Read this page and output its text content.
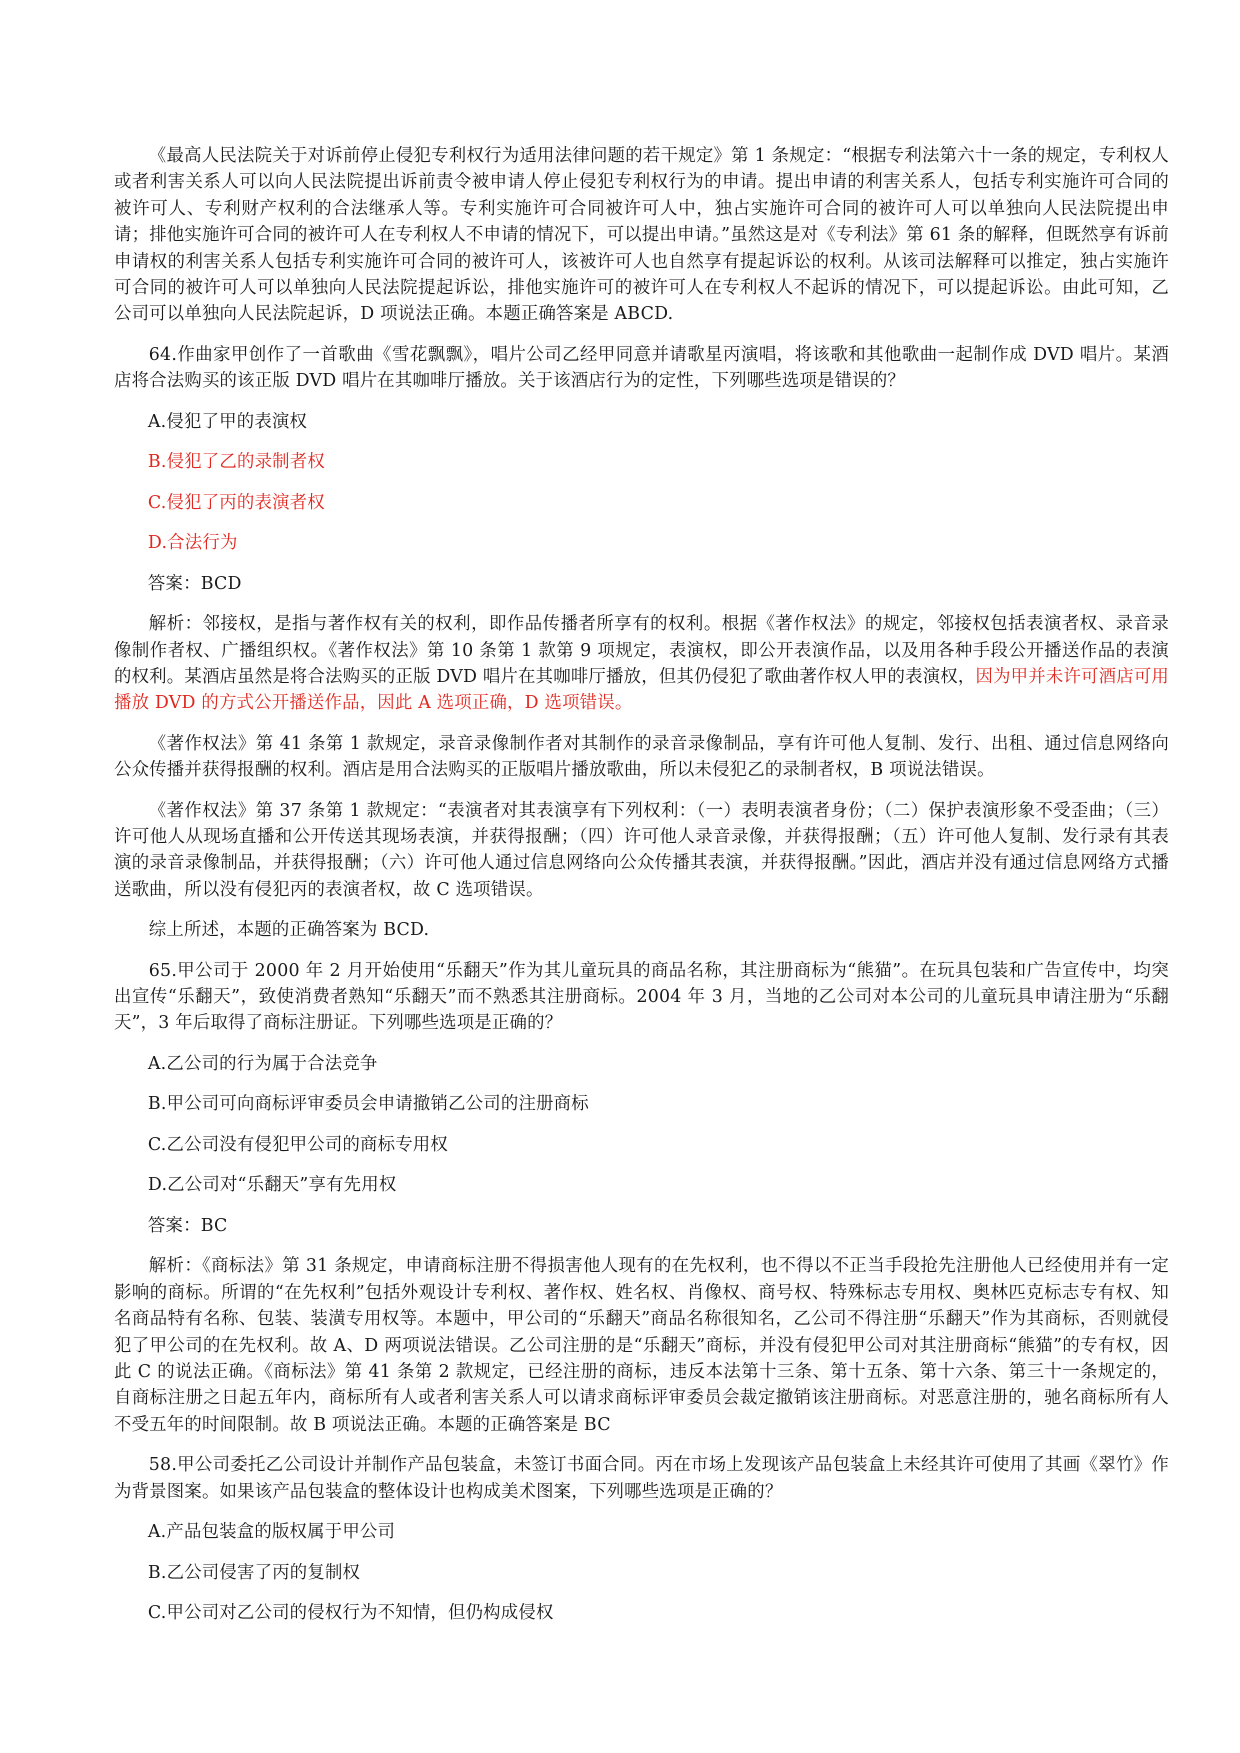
《最高人民法院关于对诉前停止侵犯专利权行为适用法律问题的若干规定》第 1 条规定：“根据专利法第六十一条的规定，专利权人或者利害关系人可以向人民法院提出诉前责令被申请人停止侵犯专利权行为的申请。提出申请的利害关系人，包括专利实施许可合同的被许可人、专利财产权利的合法继承人等。专利实施许可合同被许可人中，独占实施许可合同的被许可人可以单独向人民法院提出申请；排他实施许可合同的被许可人在专利权人不申请的情况下，可以提出申请。”虽然这是对《专利法》第 61 条的解释，但既然享有诉前申请权的利害关系人包括专利实施许可合同的被许可人，该被许可人也自然享有提起诉讼的权利。从该司法解释可以推定，独占实施许可合同的被许可人可以单独向人民法院提起诉讼，排他实施许可的被许可人在专利权人不起诉的情况下，可以提起诉讼。由此可知，乙公司可以单独向人民法院起诉，D 项说法正确。本题正确答案是 ABCD.

64.作曲家甲创作了一首歌曲《雪花飘飘》，唱片公司乙经甲同意并请歌星丙演唱，将该歌和其他歌曲一起制作成 DVD 唱片。某酒店将合法购买的该正版 DVD 唱片在其咖啡厅播放。关于该酒店行为的定性，下列哪些选项是错误的？

A.侵犯了甲的表演权
B.侵犯了乙的录制者权
C.侵犯了丙的表演者权
D.合法行为
答案：BCD

解析：邻接权，是指与著作权有关的权利，即作品传播者所享有的权利。根据《著作权法》的规定，邻接权包括表演者权、录音录像制作者权、广播组织权。《著作权法》第 10 条第 1 款第 9 项规定，表演权，即公开表演作品，以及用各种手段公开播送作品的表演的权利。某酒店虽然是将合法购买的正版 DVD 唱片在其咖啡厅播放，但其仍侵犯了歌曲著作权人甲的表演权，因为甲并未许可酒店可用播放 DVD 的方式公开播送作品，因此 A 选项正确，D 选项错误。

《著作权法》第 41 条第 1 款规定，录音录像制作者对其制作的录音录像制品，享有许可他人复制、发行、出租、通过信息网络向公众传播并获得报酬的权利。酒店是用合法购买的正版唱片播放歌曲，所以未侵犯乙的录制者权，B 项说法错误。

《著作权法》第 37 条第 1 款规定：“表演者对其表演享有下列权利：（一）表明表演者身份；（二）保护表演形象不受歪曲；（三）许可他人从现场直播和公开传送其现场表演，并获得报酬；（四）许可他人录音录像，并获得报酬；（五）许可他人复制、发行录有其表演的录音录像制品，并获得报酬；（六）许可他人通过信息网络向公众传播其表演，并获得报酬。”因此，酒店并没有通过信息网络方式播送歌曲，所以没有侵犯丙的表演者权，故 C 选项错误。

综上所述，本题的正确答案为 BCD.

65.甲公司于 2000 年 2 月开始使用“乐翻天”作为其儿童玩具的商品名称，其注册商标为“熊猫”。在玩具包装和广告宣传中，均突出宣传“乐翻天”，致使消费者熟知“乐翻天”而不熟悉其注册商标。2004 年 3 月，当地的乙公司对本公司的儿童玩具申请注册为“乐翻天”，3 年后取得了商标注册证。下列哪些选项是正确的？

A.乙公司的行为属于合法竞争
B.甲公司可向商标评审委员会申请撤销乙公司的注册商标
C.乙公司没有侵犯甲公司的商标专用权
D.乙公司对“乐翻天”享有先用权
答案：BC

解析：《商标法》第 31 条规定，申请商标注册不得损害他人现有的在先权利，也不得以不正当手段抢先注册他人已经使用并有一定影响的商标。所谓的“在先权利”包括外观设计专利权、著作权、姓名权、肖像权、商号权、特殊标志专用权、奥林匹克标志专有权、知名商品特有名称、包装、装潢专用权等。本题中，甲公司的“乐翻天”商品名称很知名，乙公司不得注册“乐翻天”作为其商标，否则就侵犯了甲公司的在先权利。故 A、D 两项说法错误。乙公司注册的是“乐翻天”商标，并没有侵犯甲公司对其注册商标“熊猫”的专有权，因此 C 的说法正确。《商标法》第 41 条第 2 款规定，已经注册的商标，违反本法第十三条、第十五条、第十六条、第三十一条规定的，自商标注册之日起五年内，商标所有人或者利害关系人可以请求商标评审委员会裁定撤销该注册商标。对恶意注册的，驰名商标所有人不受五年的时间限制。故 B 项说法正确。本题的正确答案是 BC

58.甲公司委托乙公司设计并制作产品包装盒，未签订书面合同。丙在市场上发现该产品包装盒上未经其许可使用了其画《翠竹》作为背景图案。如果该产品包装盒的整体设计也构成美术图案，下列哪些选项是正确的？

A.产品包装盒的版权属于甲公司
B.乙公司侵害了丙的复制权
C.甲公司对乙公司的侵权行为不知情，但仍构成侵权
